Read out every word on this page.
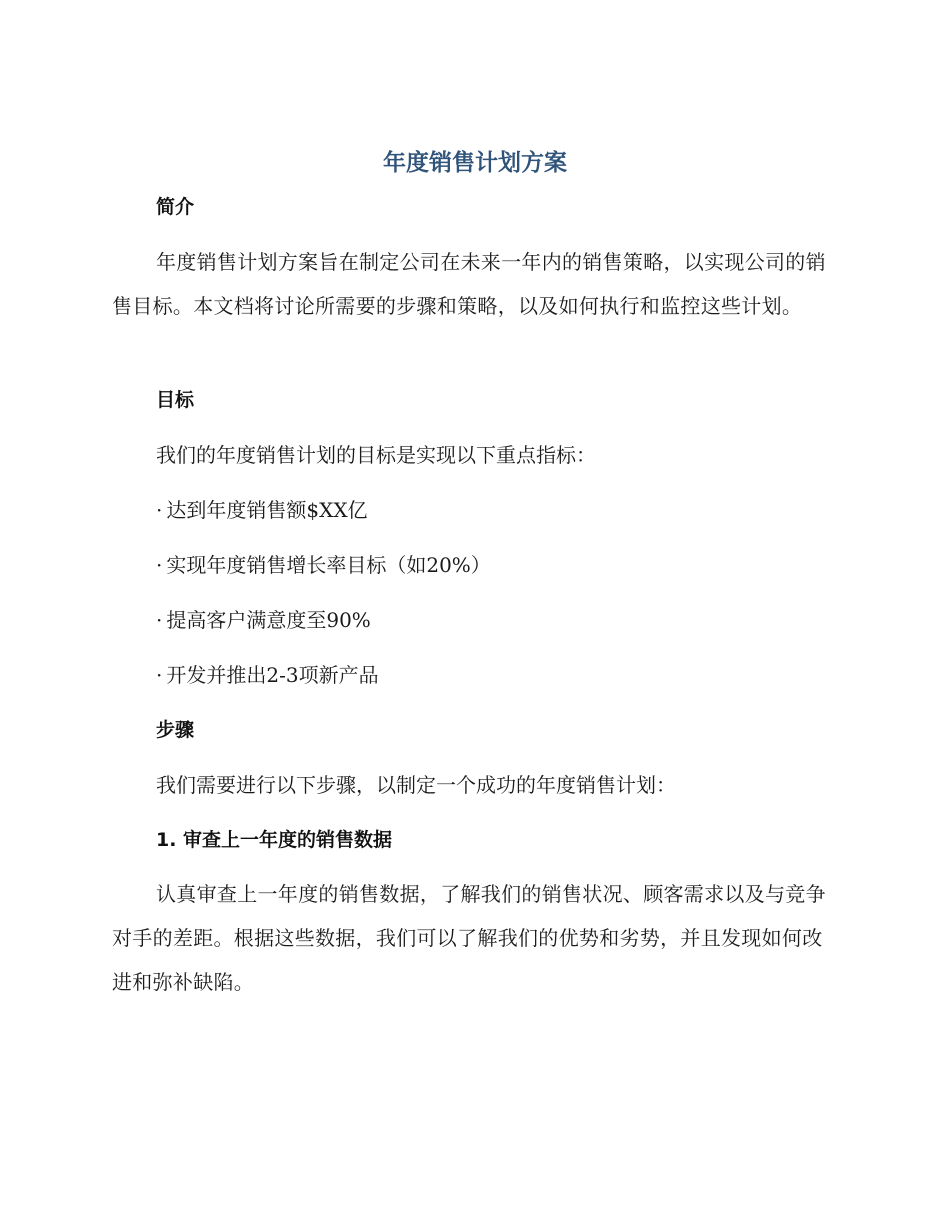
年度销售计划方案
简介
年度销售计划方案旨在制定公司在未来一年内的销售策略，以实现公司的销售目标。本文档将讨论所需要的步骤和策略，以及如何执行和监控这些计划。
目标
我们的年度销售计划的目标是实现以下重点指标：
· 达到年度销售额$XX亿
· 实现年度销售增长率目标（如20%）
· 提高客户满意度至90%
· 开发并推出2-3项新产品
步骤
我们需要进行以下步骤，以制定一个成功的年度销售计划：
1. 审查上一年度的销售数据
认真审查上一年度的销售数据，了解我们的销售状况、顾客需求以及与竞争对手的差距。根据这些数据，我们可以了解我们的优势和劣势，并且发现如何改进和弥补缺陷。
